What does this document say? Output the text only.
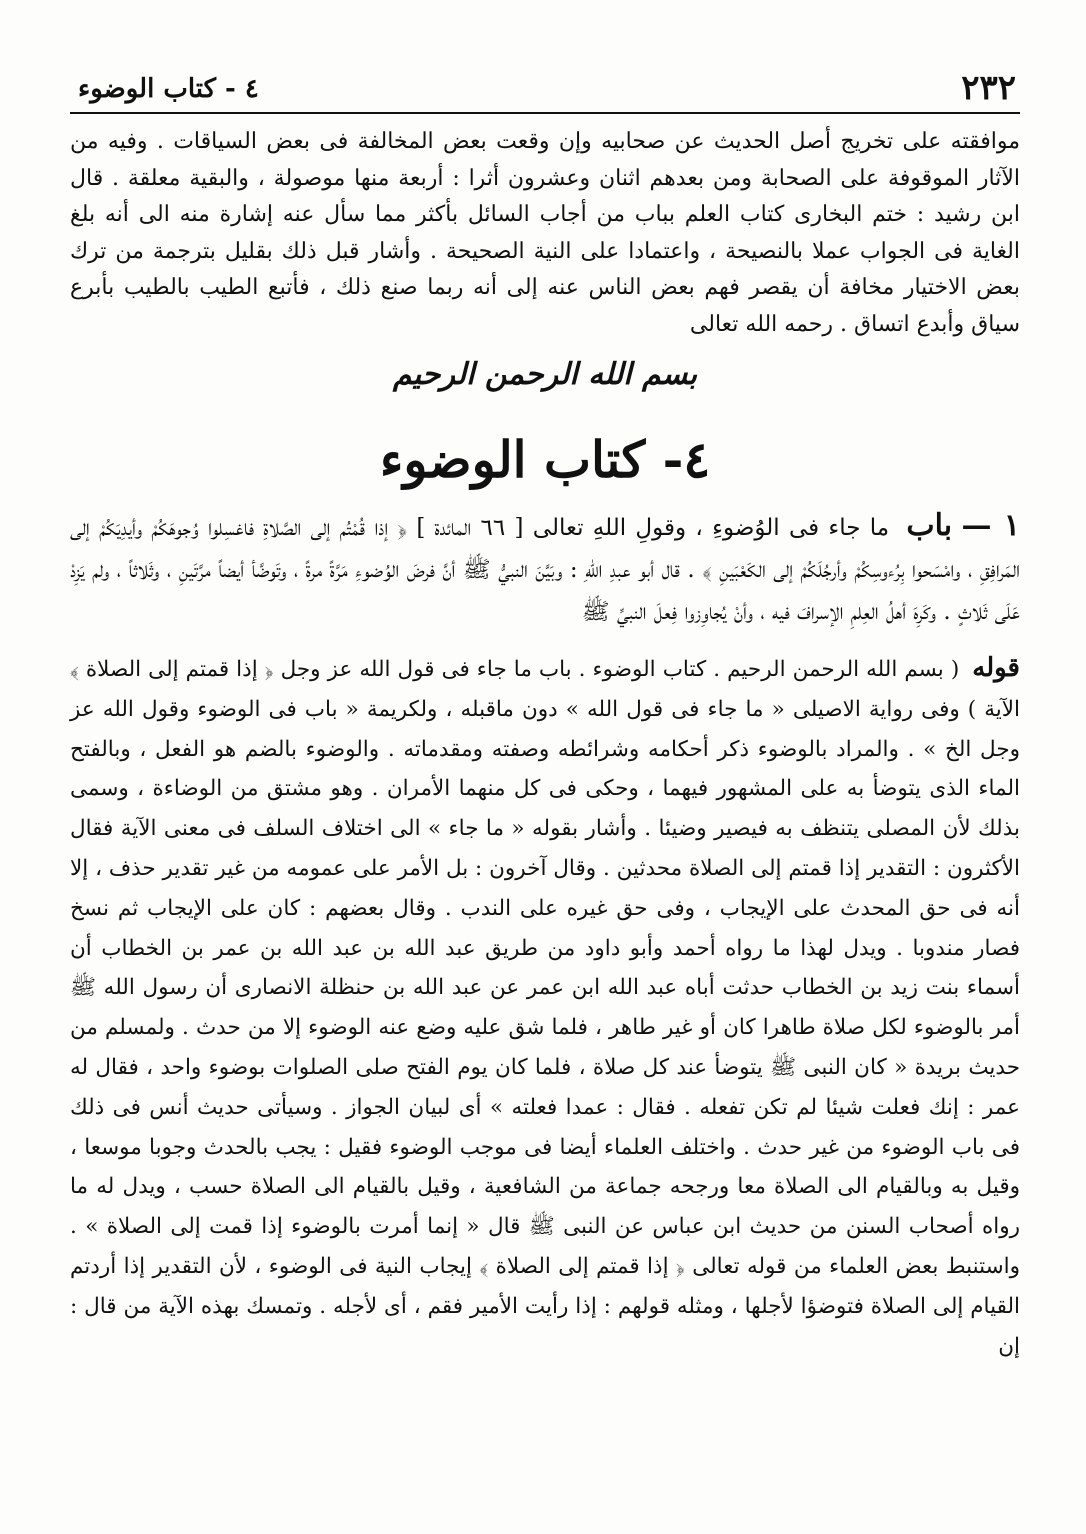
٢٣٢
٤ - كتاب الوضوء

موافقته على تخريج أصل الحديث عن صحابيه وإن وقعت بعض المخالفة فى بعض السياقات . وفيه من الآثار الموقوفة على الصحابة ومن بعدهم اثنان وعشرون أثرا : أربعة منها موصولة ، والبقية معلقة . قال ابن رشيد : ختم البخارى كتاب العلم بباب من أجاب السائل بأكثر مما سأل عنه إشارة منه الى أنه بلغ الغاية فى الجواب عملا بالنصيحة ، واعتمادا على النية الصحيحة . وأشار قبل ذلك بقليل بترجمة من ترك بعض الاختيار مخافة أن يقصر فهم بعض الناس عنه إلى أنه ربما صنع ذلك ، فأتبع الطيب بالطيب بأبرع سياق وأبدع اتساق . رحمه الله تعالى

بسم الله الرحمن الرحيم
٤- كتاب الوضوء

١ — باب ما جاء فى الوُضوءِ ، وقولِ اللهِ تعالى [ ٦٦ المائدة ] ﴿ إذا قُمْتُم إلى الصَّلاةِ فاغسِلوا وُجوهَكُمْ وأيدِيَكُمْ إلى المَرافِقِ ، وامْسَحوا بِرُءوسِكُمْ وأرجُلَكُمْ إلى الكَعْبَينِ ﴾ . قال أبو عبدِ اللهِ : وبَيَّنَ النبيُّ ﷺ أنَّ فرضَ الوُضوءِ مَرَّةً مرةً ، وتَوضَّأ أيضاً مرَّتَينِ ، وثَلاثاً ، ولم يَزِدْ عَلَى ثَلاثٍ . وكَرِهَ أهلُ العِلمِ الإسرافَ فيه ، وأنْ يُجاوِزوا فِعلَ النبيِّ ﷺ

قوله ( بسم الله الرحمن الرحيم . كتاب الوضوء . باب ما جاء فى قول الله عز وجل ﴿ إذا قمتم إلى الصلاة ﴾ الآية ) وفى رواية الاصيلى « ما جاء فى قول الله » دون ماقبله ، ولكريمة « باب فى الوضوء وقول الله عز وجل الخ » . والمراد بالوضوء ذكر أحكامه وشرائطه وصفته ومقدماته . والوضوء بالضم هو الفعل ، وبالفتح الماء الذى يتوضأ به على المشهور فيهما ، وحكى فى كل منهما الأمران . وهو مشتق من الوضاءة ، وسمى بذلك لأن المصلى يتنظف به فيصير وضيئا . وأشار بقوله « ما جاء » الى اختلاف السلف فى معنى الآية فقال الأكثرون : التقدير إذا قمتم إلى الصلاة محدثين . وقال آخرون : بل الأمر على عمومه من غير تقدير حذف ، إلا أنه فى حق المحدث على الإيجاب ، وفى حق غيره على الندب . وقال بعضهم : كان على الإيجاب ثم نسخ فصار مندوبا . ويدل لهذا ما رواه أحمد وأبو داود من طريق عبد الله بن عبد الله بن عمر بن الخطاب أن أسماء بنت زيد بن الخطاب حدثت أباه عبد الله ابن عمر عن عبد الله بن حنظلة الانصارى أن رسول الله ﷺ أمر بالوضوء لكل صلاة طاهرا كان أو غير طاهر ، فلما شق عليه وضع عنه الوضوء إلا من حدث . ولمسلم من حديث بريدة « كان النبى ﷺ يتوضأ عند كل صلاة ، فلما كان يوم الفتح صلى الصلوات بوضوء واحد ، فقال له عمر : إنك فعلت شيئا لم تكن تفعله . فقال : عمدا فعلته » أى لبيان الجواز . وسيأتى حديث أنس فى ذلك فى باب الوضوء من غير حدث . واختلف العلماء أيضا فى موجب الوضوء فقيل : يجب بالحدث وجوبا موسعا ، وقيل به وبالقيام الى الصلاة معا ورجحه جماعة من الشافعية ، وقيل بالقيام الى الصلاة حسب ، ويدل له ما رواه أصحاب السنن من حديث ابن عباس عن النبى ﷺ قال « إنما أمرت بالوضوء إذا قمت إلى الصلاة » . واستنبط بعض العلماء من قوله تعالى ﴿ إذا قمتم إلى الصلاة ﴾ إيجاب النية فى الوضوء ، لأن التقدير إذا أردتم القيام إلى الصلاة فتوضؤا لأجلها ، ومثله قولهم : إذا رأيت الأمير فقم ، أى لأجله . وتمسك بهذه الآية من قال : إن
